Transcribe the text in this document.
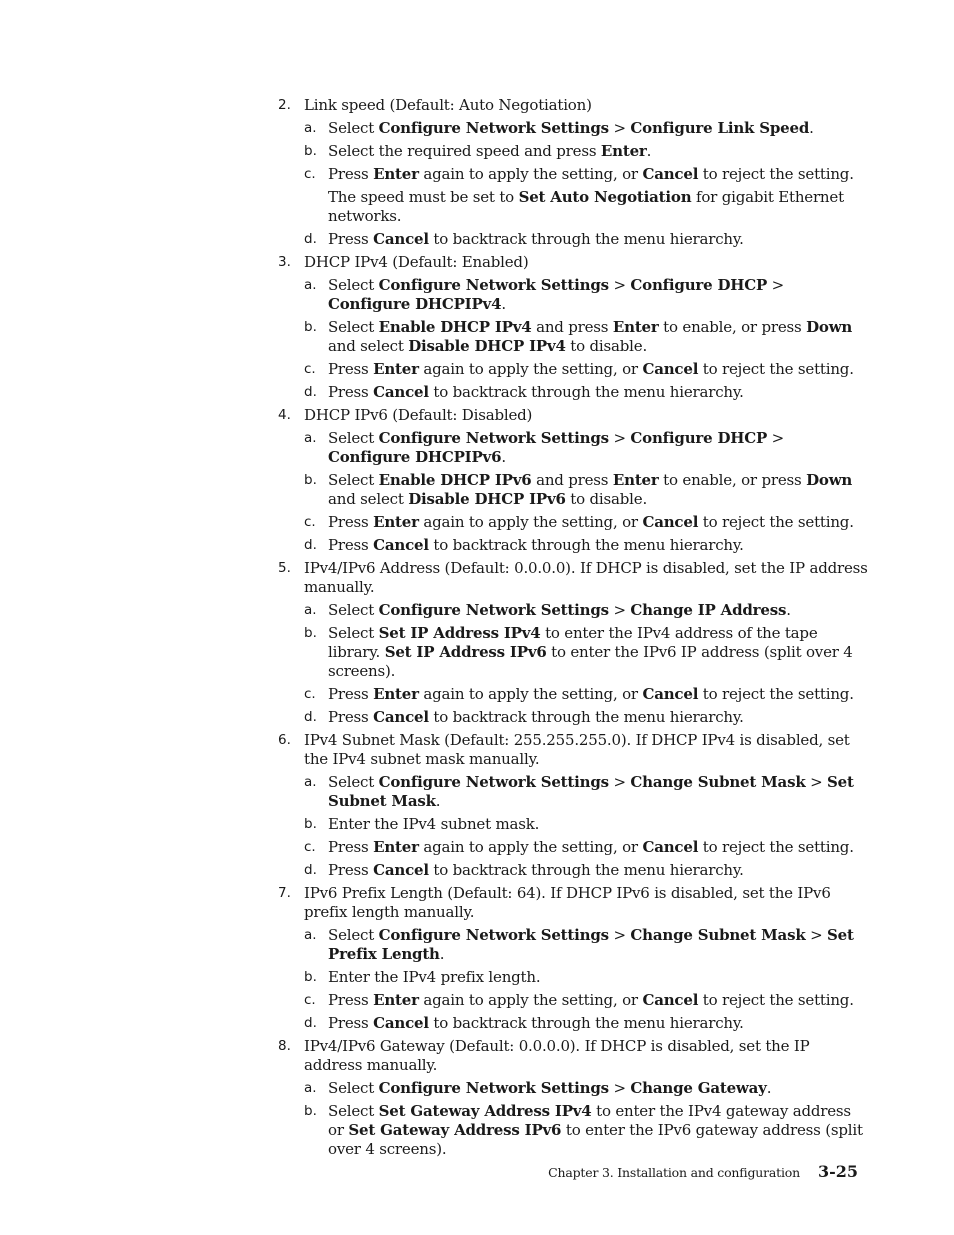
2. Link speed (Default: Auto Negotiation)
a. Select Configure Network Settings > Configure Link Speed.
b. Select the required speed and press Enter.
c. Press Enter again to apply the setting, or Cancel to reject the setting.
The speed must be set to Set Auto Negotiation for gigabit Ethernet networks.
d. Press Cancel to backtrack through the menu hierarchy.
3. DHCP IPv4 (Default: Enabled)
a. Select Configure Network Settings > Configure DHCP > Configure DHCPIPv4.
b. Select Enable DHCP IPv4 and press Enter to enable, or press Down and select Disable DHCP IPv4 to disable.
c. Press Enter again to apply the setting, or Cancel to reject the setting.
d. Press Cancel to backtrack through the menu hierarchy.
4. DHCP IPv6 (Default: Disabled)
a. Select Configure Network Settings > Configure DHCP > Configure DHCPIPv6.
b. Select Enable DHCP IPv6 and press Enter to enable, or press Down and select Disable DHCP IPv6 to disable.
c. Press Enter again to apply the setting, or Cancel to reject the setting.
d. Press Cancel to backtrack through the menu hierarchy.
5. IPv4/IPv6 Address (Default: 0.0.0.0). If DHCP is disabled, set the IP address manually.
a. Select Configure Network Settings > Change IP Address.
b. Select Set IP Address IPv4 to enter the IPv4 address of the tape library. Set IP Address IPv6 to enter the IPv6 IP address (split over 4 screens).
c. Press Enter again to apply the setting, or Cancel to reject the setting.
d. Press Cancel to backtrack through the menu hierarchy.
6. IPv4 Subnet Mask (Default: 255.255.255.0). If DHCP IPv4 is disabled, set the IPv4 subnet mask manually.
a. Select Configure Network Settings > Change Subnet Mask > Set Subnet Mask.
b. Enter the IPv4 subnet mask.
c. Press Enter again to apply the setting, or Cancel to reject the setting.
d. Press Cancel to backtrack through the menu hierarchy.
7. IPv6 Prefix Length (Default: 64). If DHCP IPv6 is disabled, set the IPv6 prefix length manually.
a. Select Configure Network Settings > Change Subnet Mask > Set Prefix Length.
b. Enter the IPv4 prefix length.
c. Press Enter again to apply the setting, or Cancel to reject the setting.
d. Press Cancel to backtrack through the menu hierarchy.
8. IPv4/IPv6 Gateway (Default: 0.0.0.0). If DHCP is disabled, set the IP address manually.
a. Select Configure Network Settings > Change Gateway.
b. Select Set Gateway Address IPv4 to enter the IPv4 gateway address or Set Gateway Address IPv6 to enter the IPv6 gateway address (split over 4 screens).
Chapter 3. Installation and configuration 3-25
